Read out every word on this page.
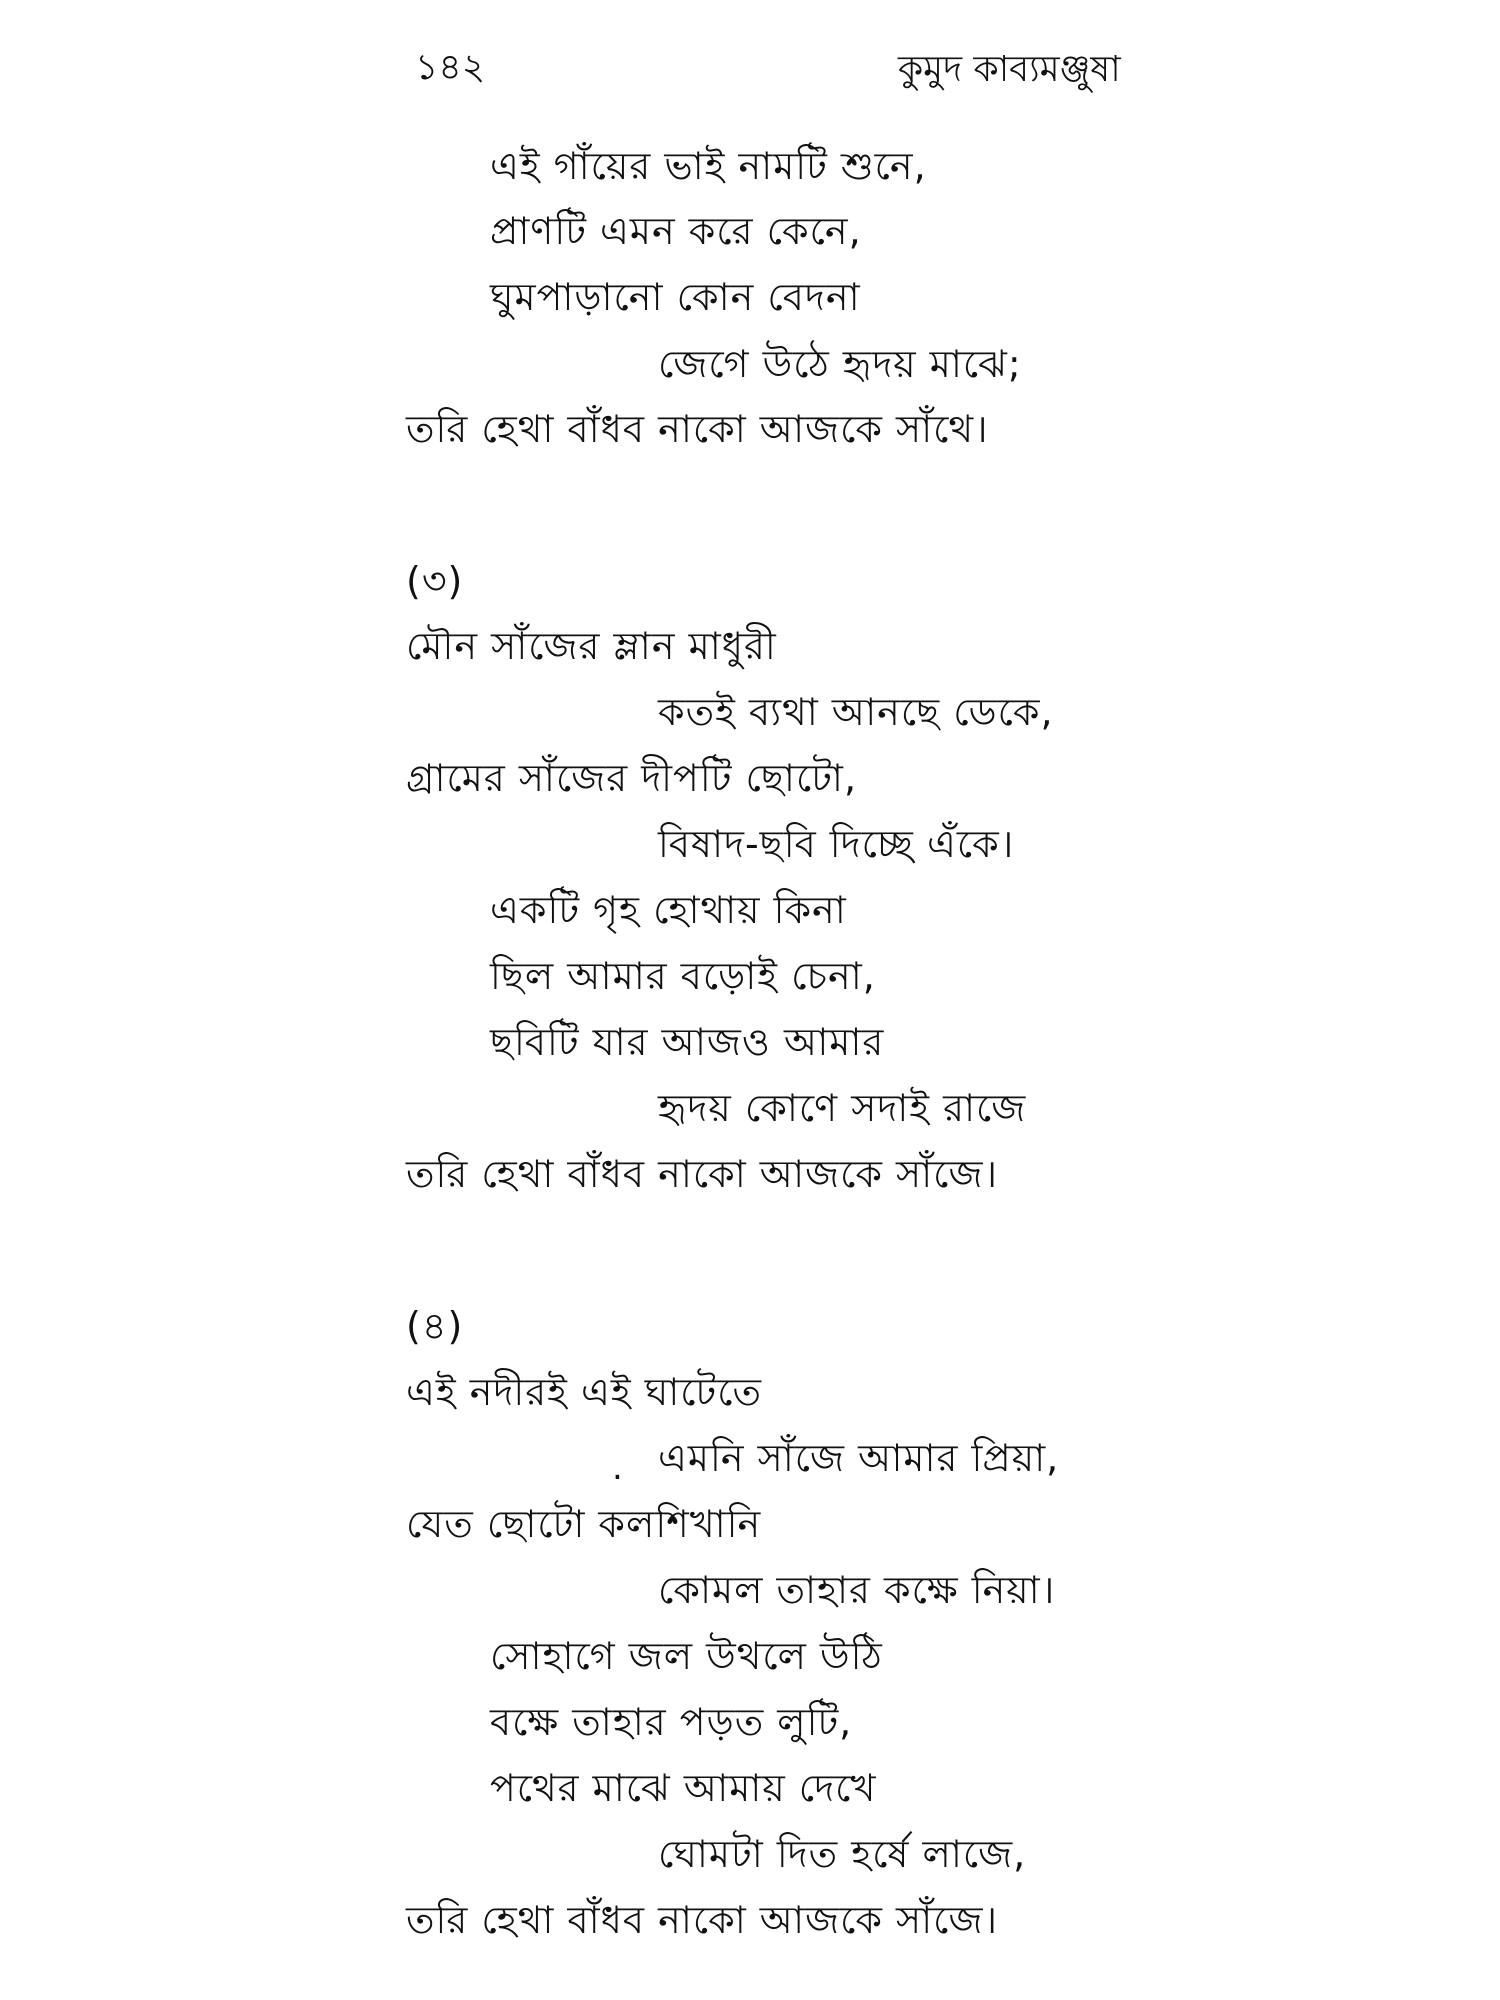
১৪২	কুমুদ কাব্যমঞ্জুষা
এই গাঁয়ের ভাই নামটি শুনে,
প্রাণটি এমন করে কেনে,
ঘুমপাড়ানো কোন বেদনা
জেগে উঠে হৃদয় মাঝে;
তরি হেথা বাঁধব নাকো আজকে সাঁথে।
(৩)
মৌন সাঁজের ম্লান মাধুরী
কতই ব্যথা আনছে ডেকে,
গ্রামের সাঁজের দীপটি ছোটো,
বিষাদ-ছবি দিচ্ছে এঁকে।
একটি গৃহ হোথায় কিনা
ছিল আমার বড়োই চেনা,
ছবিটি যার আজও আমার
হৃদয় কোণে সদাই রাজে
তরি হেথা বাঁধব নাকো আজকে সাঁজে।
(৪)
এই নদীরই এই ঘাটেতে
. এমনি সাঁজে আমার প্রিয়া,
যেত ছোটো কলশিখানি
কোমল তাহার কক্ষে নিয়া।
সোহাগে জল উথলে উঠি
বক্ষে তাহার পড়ত লুটি,
পথের মাঝে আমায় দেখে
ঘোমটা দিত হর্ষে লাজে,
তরি হেথা বাঁধব নাকো আজকে সাঁজে।
